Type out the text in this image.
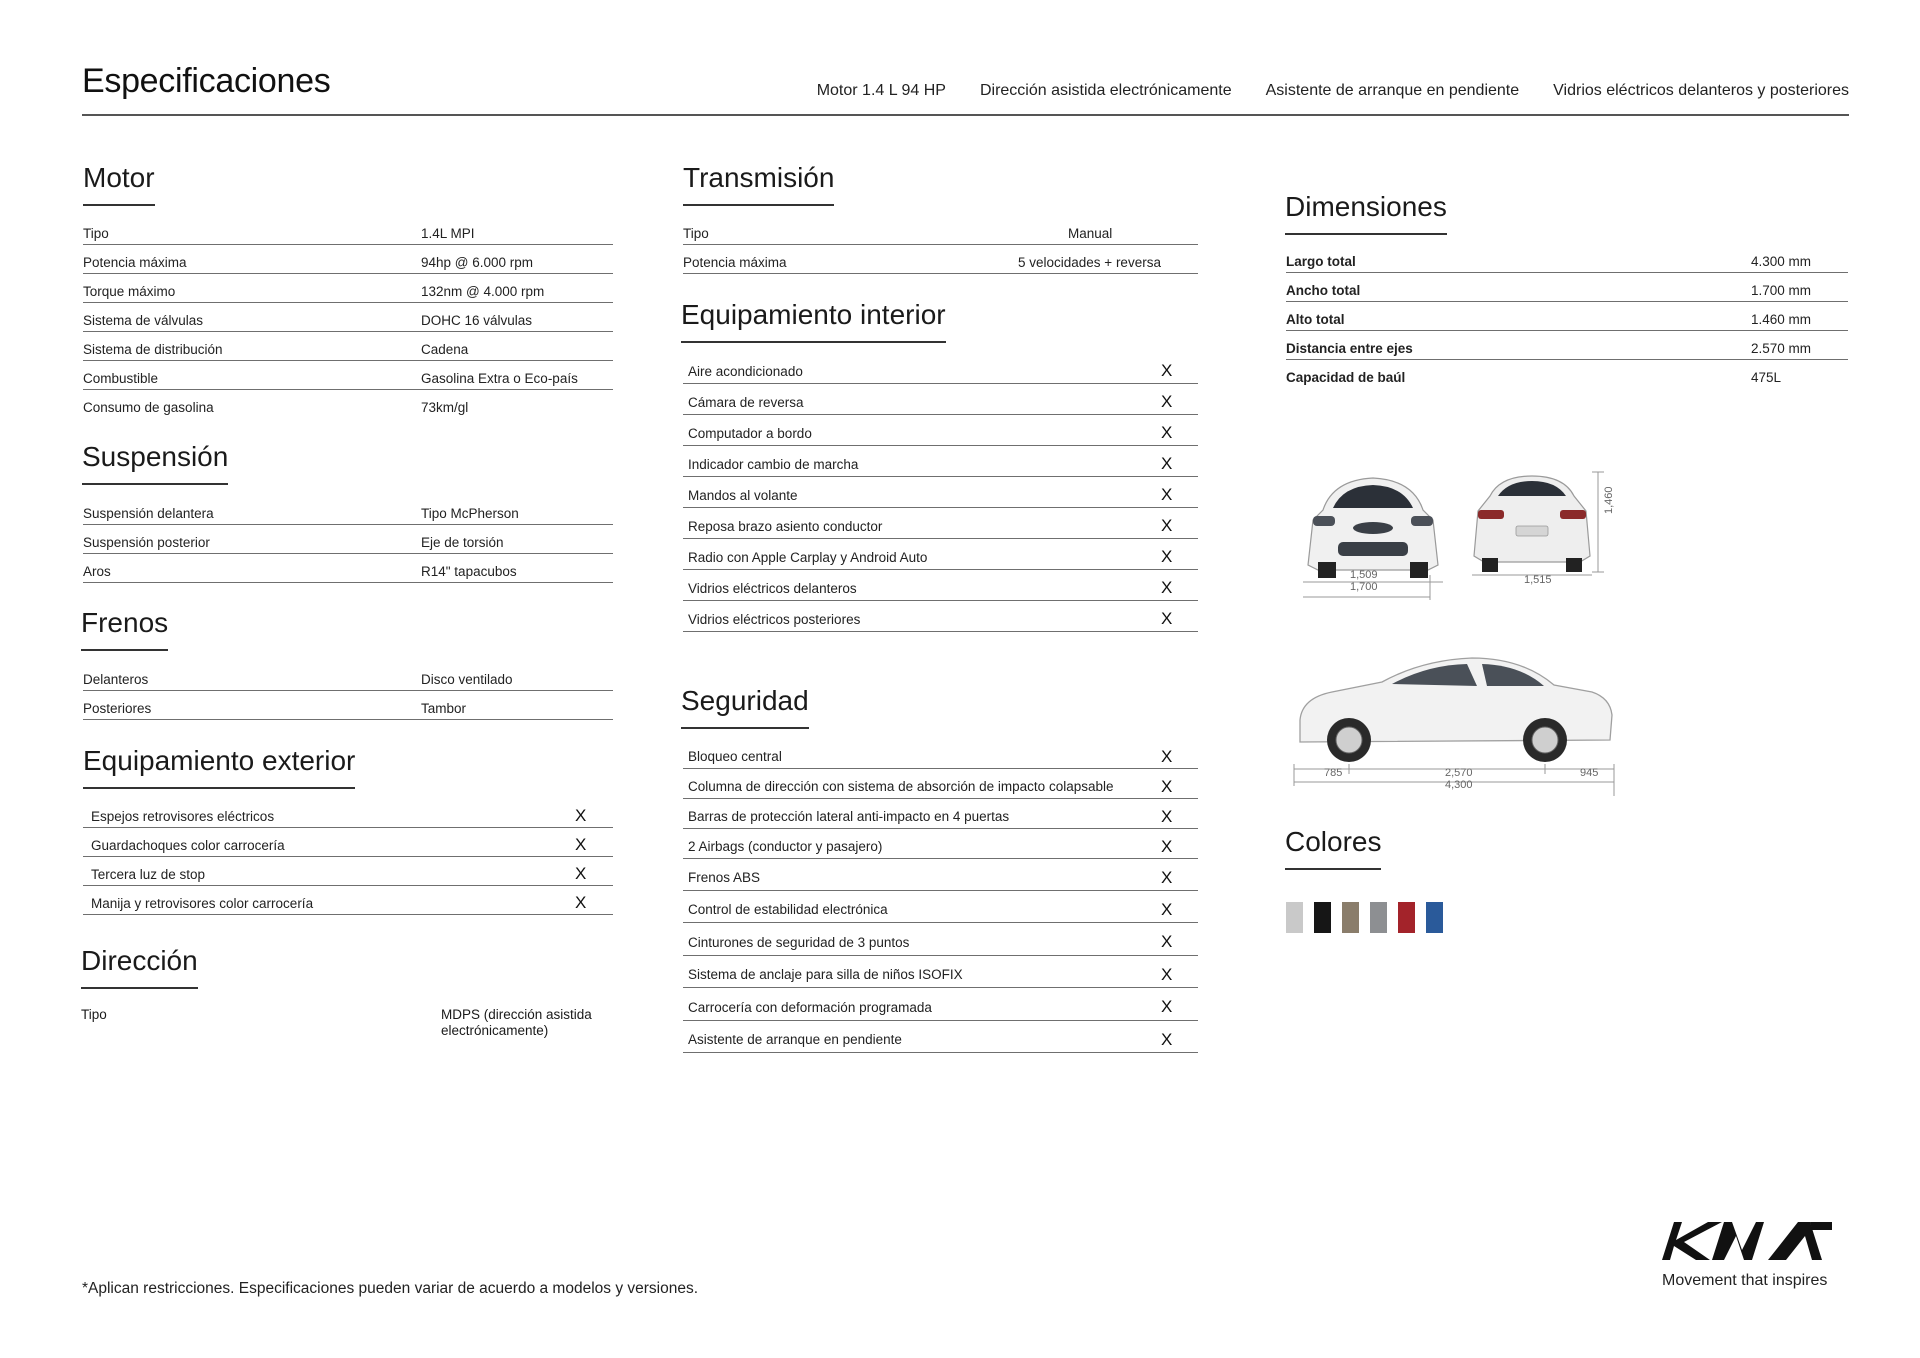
Especificaciones	Motor 1.4 L 94 HP Dirección asistida electrónicamente Asistente de arranque en pendiente Vidrios eléctricos delanteros y posteriores
Motor
Tipo	1.4L MPI
Potencia máxima	94hp @ 6.000 rpm
Torque máximo	132nm @ 4.000 rpm
Sistema de válvulas	DOHC 16 válvulas
Sistema de distribución	Cadena
Combustible	Gasolina Extra o Eco-país
Consumo de gasolina	73km/gl
Suspensión
Suspensión delantera	Tipo McPherson
Suspensión posterior	Eje de torsión
Aros	R14" tapacubos
Frenos
Delanteros	Disco ventilado
Posteriores	Tambor
Equipamiento exterior
Espejos retrovisores eléctricos	X
Guardachoques color carrocería	X
Tercera luz de stop	X
Manija y retrovisores color carrocería	X
Dirección
Tipo	MDPS (dirección asistida
electrónicamente)
Transmisión
Tipo	Manual
Potencia máxima	5 velocidades + reversa
Equipamiento interior
Aire acondicionado	X
Cámara de reversa	X
Computador a bordo	X
Indicador cambio de marcha	X
Mandos al volante	X
Reposa brazo asiento conductor	X
Radio con Apple Carplay y Android Auto	X
Vidrios eléctricos delanteros	X
Vidrios eléctricos posteriores	X
Seguridad
Bloqueo central	X
Columna de dirección con sistema de absorción de impacto colapsable	X
Barras de protección lateral anti-impacto en 4 puertas	X
2 Airbags (conductor y pasajero)	X
Frenos ABS	X
Control de estabilidad electrónica	X
Cinturones de seguridad de 3 puntos	X
Sistema de anclaje para silla de niños ISOFIX	X
Carrocería con deformación programada	X
Asistente de arranque en pendiente	X
Dimensiones
Largo total	4.300 mm
Ancho total	1.700 mm
Alto total	1.460 mm
Distancia entre ejes	2.570 mm
Capacidad de baúl	475L
1,509
1,700
1,515
1,460
785	2,570
4,300
945
Colores
*Aplican restricciones. Especificaciones pueden variar de acuerdo a modelos y versiones.	Movement that inspires
